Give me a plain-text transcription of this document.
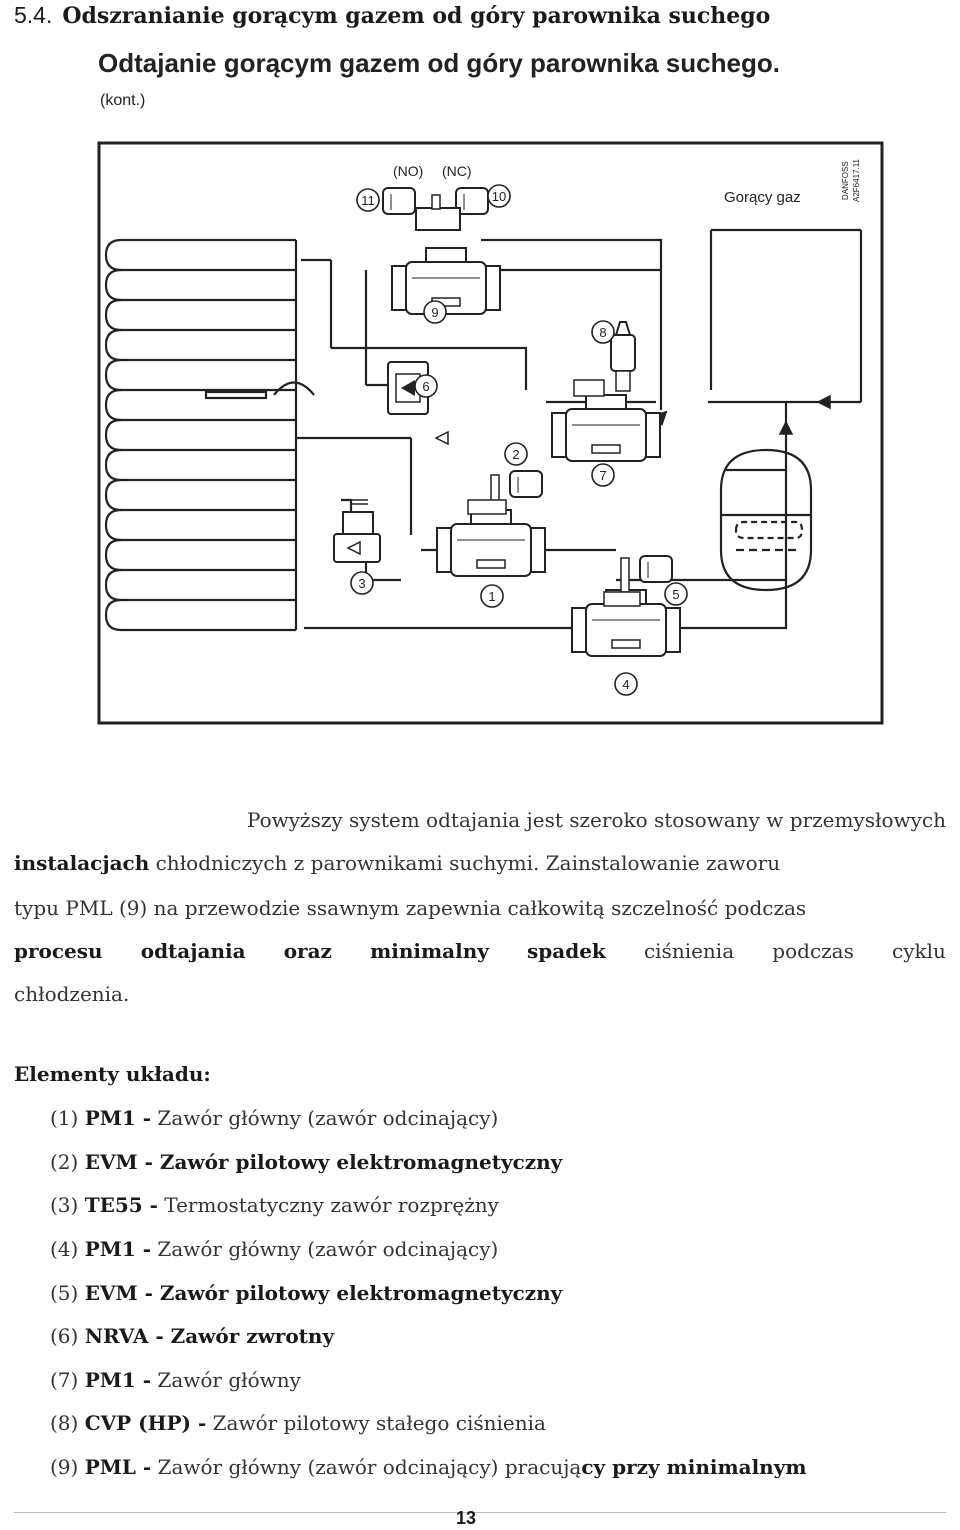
5.4. Odszranianie gorącym gazem od góry parownika suchego
Odtajanie gorącym gazem od góry parownika suchego.
(kont.)
11	10
9
6
8
7
2
3
1	5
4
(NO) (NC)
Gorący gaz	DANFOSS A2F6417.11
Powyższy system odtajania jest szeroko stosowany w przemysłowych
instalacjach chłodniczych z parownikami suchymi. Zainstalowanie zaworu
typu PML (9) na przewodzie ssawnym zapewnia całkowitą szczelność podczas
procesu odtajania oraz minimalny spadek ciśnienia podczas cyklu
chłodzenia.
Elementy układu:
(1) PM1 - Zawór główny (zawór odcinający)
(2) EVM - Zawór pilotowy elektromagnetyczny
(3) TE55 - Termostatyczny zawór rozprężny
(4) PM1 - Zawór główny (zawór odcinający)
(5) EVM - Zawór pilotowy elektromagnetyczny
(6) NRVA - Zawór zwrotny
(7) PM1 - Zawór główny
(8) CVP (HP) - Zawór pilotowy stałego ciśnienia
(9) PML - Zawór główny (zawór odcinający) pracujący przy minimalnym
13
